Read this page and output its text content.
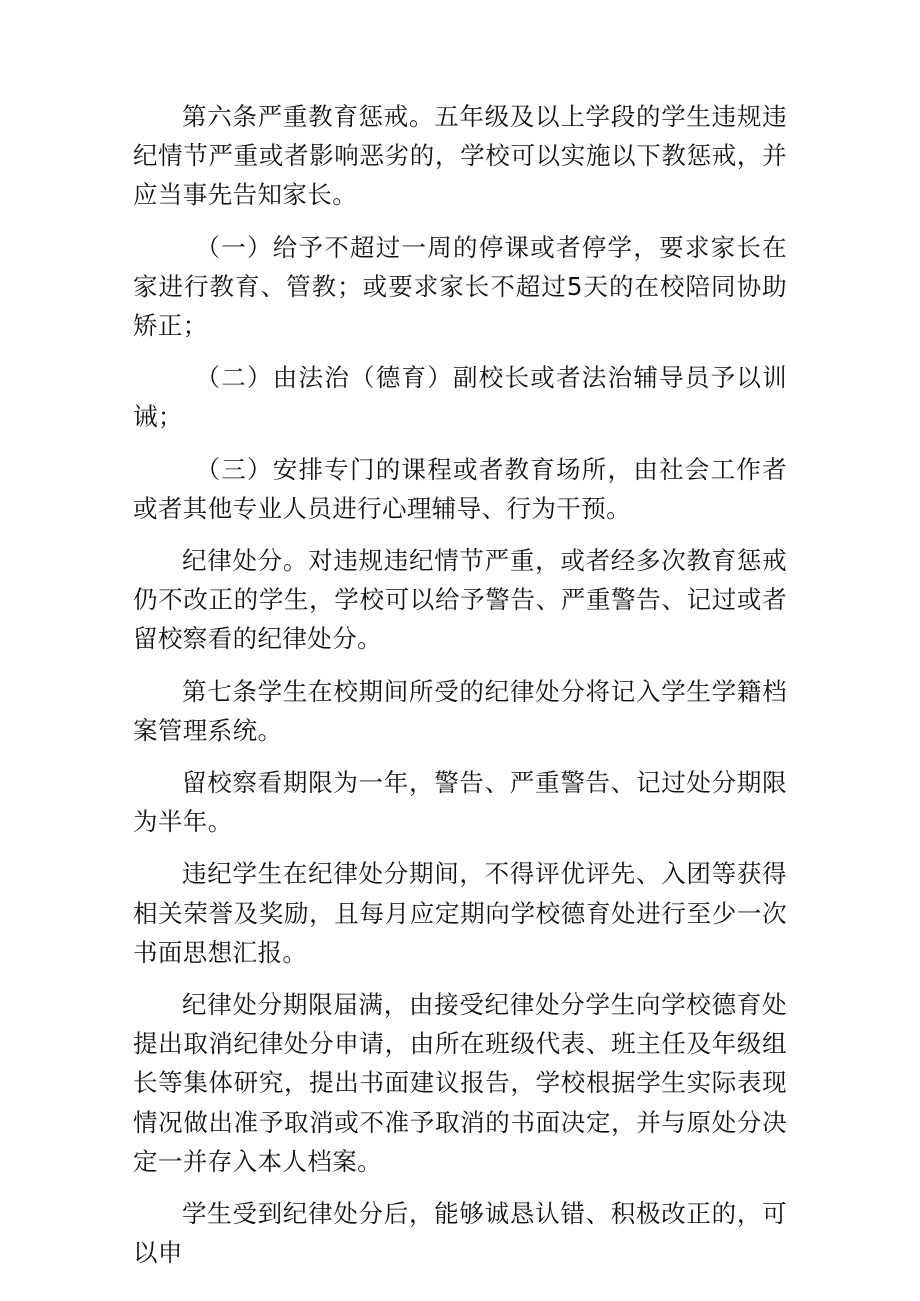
第六条严重教育惩戒。五年级及以上学段的学生违规违纪情节严重或者影响恶劣的，学校可以实施以下教惩戒，并应当事先告知家长。

（一）给予不超过一周的停课或者停学，要求家长在家进行教育、管教；或要求家长不超过5天的在校陪同协助矫正；

（二）由法治（德育）副校长或者法治辅导员予以训诫；

（三）安排专门的课程或者教育场所，由社会工作者或者其他专业人员进行心理辅导、行为干预。

纪律处分。对违规违纪情节严重，或者经多次教育惩戒仍不改正的学生，学校可以给予警告、严重警告、记过或者留校察看的纪律处分。

第七条学生在校期间所受的纪律处分将记入学生学籍档案管理系统。

留校察看期限为一年，警告、严重警告、记过处分期限为半年。

违纪学生在纪律处分期间，不得评优评先、入团等获得相关荣誉及奖励，且每月应定期向学校德育处进行至少一次书面思想汇报。

纪律处分期限届满，由接受纪律处分学生向学校德育处提出取消纪律处分申请，由所在班级代表、班主任及年级组长等集体研究，提出书面建议报告，学校根据学生实际表现情况做出准予取消或不准予取消的书面决定，并与原处分决定一并存入本人档案。

学生受到纪律处分后，能够诚恳认错、积极改正的，可以申
